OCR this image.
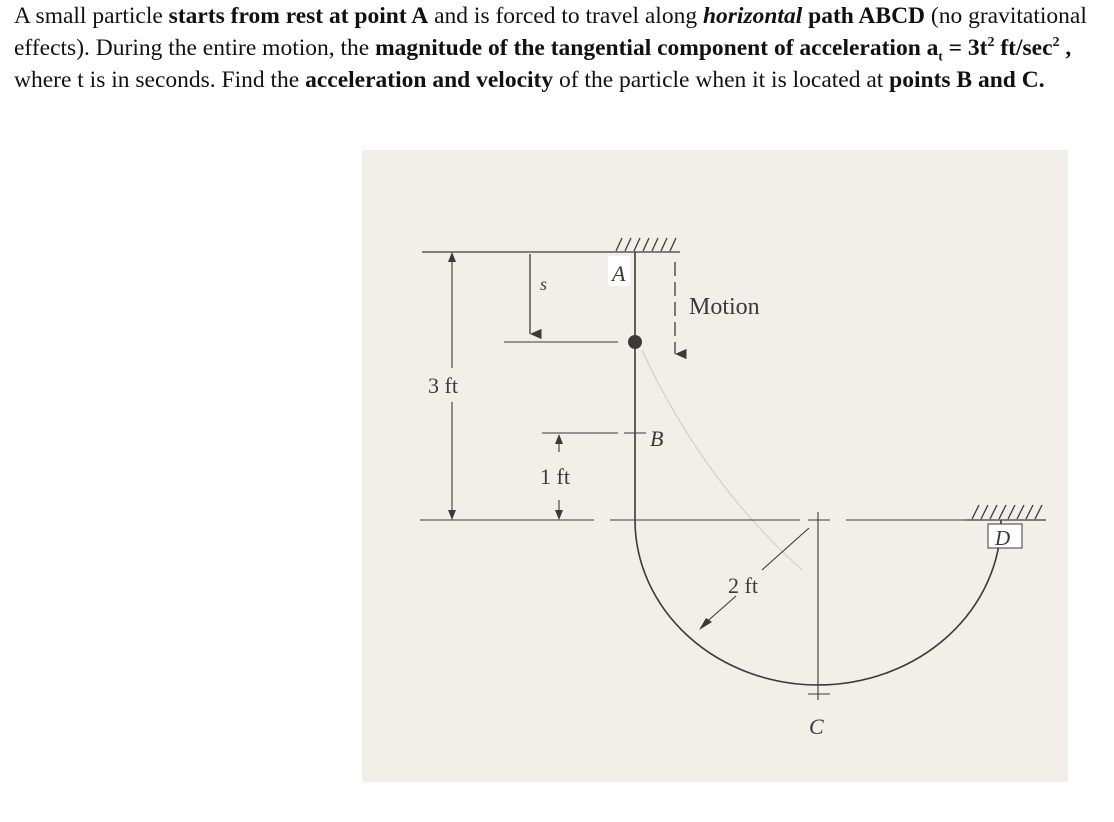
A small particle starts from rest at point A and is forced to travel along horizontal path ABCD (no gravitational effects). During the entire motion, the magnitude of the tangential component of acceleration $a_t = 3t^2$ $ft/\sec^2$ , where t is in seconds. Find the acceleration and velocity of the particle when it is located at points B and C.
A
B
C
D
s
Motion
3 ft
1 ft
2 ft
